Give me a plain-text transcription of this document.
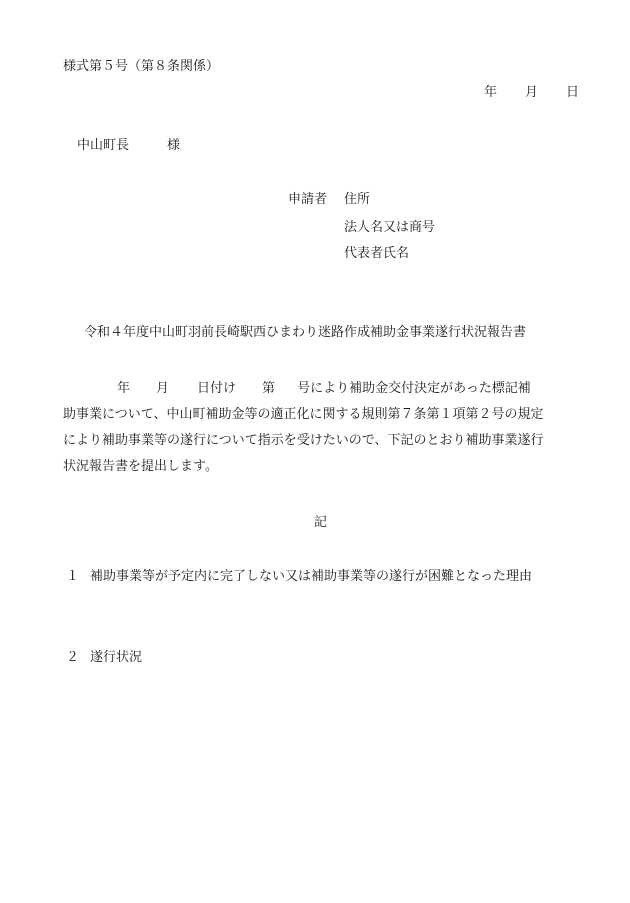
様式第５号（第８条関係）
年 月 日
中山町長	様
申請者 住所
法人名又は商号
代表者氏名
令和４年度中山町羽前長崎駅西ひまわり迷路作成補助金事業遂行状況報告書
年 月 日付け 第 号により補助金交付決定があった標記補
助事業について、中山町補助金等の適正化に関する規則第７条第１項第２号の規定
により補助事業等の遂行について指示を受けたいので、下記のとおり補助事業遂行
状況報告書を提出します。
記
１ 補助事業等が予定内に完了しない又は補助事業等の遂行が困難となった理由
２ 遂行状況
